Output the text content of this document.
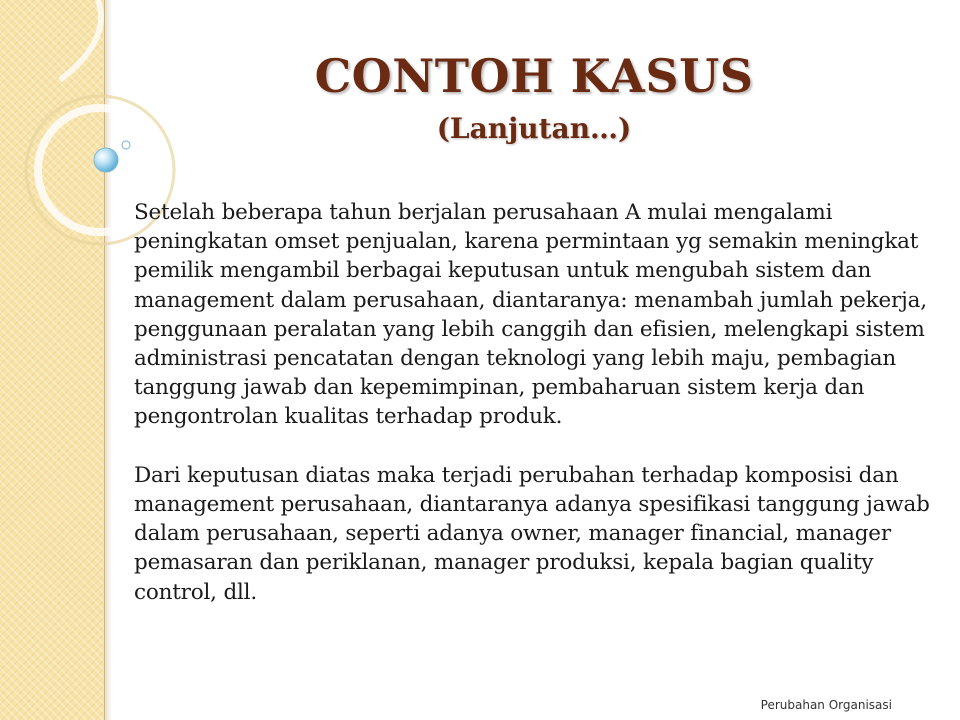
CONTOH KASUS
(Lanjutan…)

Setelah beberapa tahun berjalan perusahaan A mulai mengalami peningkatan omset penjualan, karena permintaan yg semakin meningkat pemilik mengambil berbagai keputusan untuk mengubah sistem dan management dalam perusahaan, diantaranya: menambah jumlah pekerja, penggunaan peralatan yang lebih canggih dan efisien, melengkapi sistem administrasi pencatatan dengan teknologi yang lebih maju, pembagian tanggung jawab dan kepemimpinan, pembaharuan sistem kerja dan pengontrolan kualitas terhadap produk.

Dari keputusan diatas maka terjadi perubahan terhadap komposisi dan management perusahaan, diantaranya adanya spesifikasi tanggung jawab dalam perusahaan, seperti adanya owner, manager financial, manager pemasaran dan periklanan, manager produksi, kepala bagian quality control, dll.

Perubahan Organisasi
